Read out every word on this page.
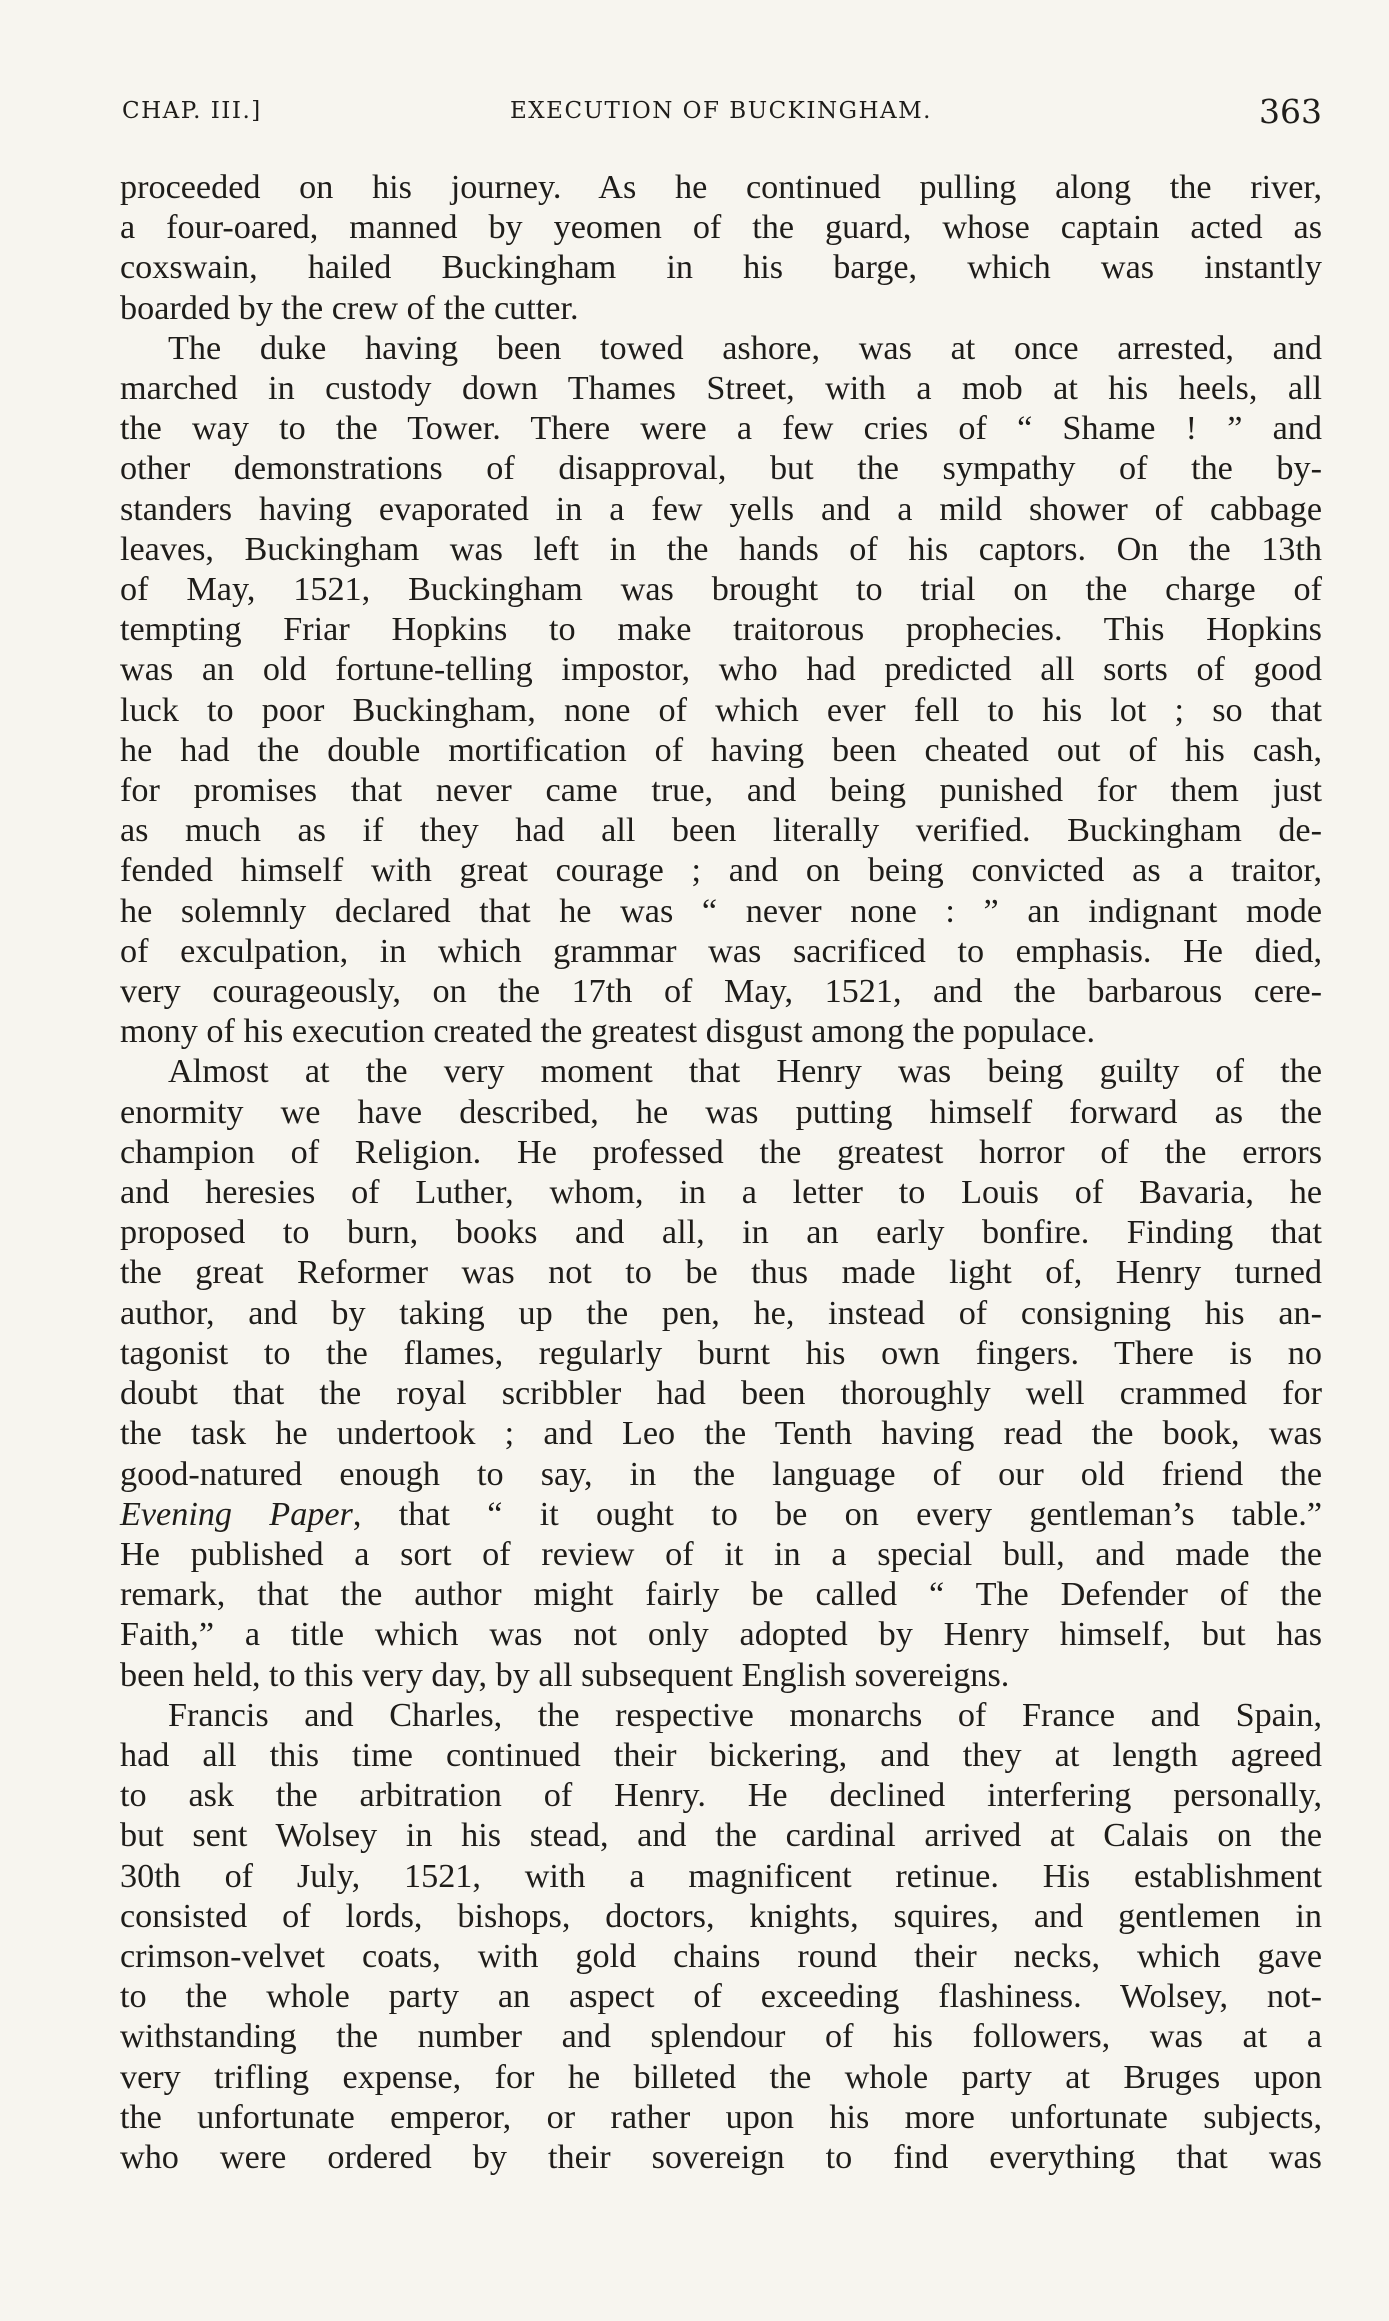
CHAP. III.]	EXECUTION OF BUCKINGHAM.	363
proceeded on his journey. As he continued pulling along the river,
a four-oared, manned by yeomen of the guard, whose captain acted as
coxswain, hailed Buckingham in his barge, which was instantly
boarded by the crew of the cutter.
The duke having been towed ashore, was at once arrested, and
marched in custody down Thames Street, with a mob at his heels, all
the way to the Tower. There were a few cries of “ Shame ! ” and
other demonstrations of disapproval, but the sympathy of the by-
standers having evaporated in a few yells and a mild shower of cabbage
leaves, Buckingham was left in the hands of his captors. On the 13th
of May, 1521, Buckingham was brought to trial on the charge of
tempting Friar Hopkins to make traitorous prophecies. This Hopkins
was an old fortune-telling impostor, who had predicted all sorts of good
luck to poor Buckingham, none of which ever fell to his lot ; so that
he had the double mortification of having been cheated out of his cash,
for promises that never came true, and being punished for them just
as much as if they had all been literally verified. Buckingham de-
fended himself with great courage ; and on being convicted as a traitor,
he solemnly declared that he was “ never none : ” an indignant mode
of exculpation, in which grammar was sacrificed to emphasis. He died,
very courageously, on the 17th of May, 1521, and the barbarous cere-
mony of his execution created the greatest disgust among the populace.
Almost at the very moment that Henry was being guilty of the
enormity we have described, he was putting himself forward as the
champion of Religion. He professed the greatest horror of the errors
and heresies of Luther, whom, in a letter to Louis of Bavaria, he
proposed to burn, books and all, in an early bonfire. Finding that
the great Reformer was not to be thus made light of, Henry turned
author, and by taking up the pen, he, instead of consigning his an-
tagonist to the flames, regularly burnt his own fingers. There is no
doubt that the royal scribbler had been thoroughly well crammed for
the task he undertook ; and Leo the Tenth having read the book, was
good-natured enough to say, in the language of our old friend the
Evening Paper, that “ it ought to be on every gentleman’s table.”
He published a sort of review of it in a special bull, and made the
remark, that the author might fairly be called “ The Defender of the
Faith,” a title which was not only adopted by Henry himself, but has
been held, to this very day, by all subsequent English sovereigns.
Francis and Charles, the respective monarchs of France and Spain,
had all this time continued their bickering, and they at length agreed
to ask the arbitration of Henry. He declined interfering personally,
but sent Wolsey in his stead, and the cardinal arrived at Calais on the
30th of July, 1521, with a magnificent retinue. His establishment
consisted of lords, bishops, doctors, knights, squires, and gentlemen in
crimson-velvet coats, with gold chains round their necks, which gave
to the whole party an aspect of exceeding flashiness. Wolsey, not-
withstanding the number and splendour of his followers, was at a
very trifling expense, for he billeted the whole party at Bruges upon
the unfortunate emperor, or rather upon his more unfortunate subjects,
who were ordered by their sovereign to find everything that was
